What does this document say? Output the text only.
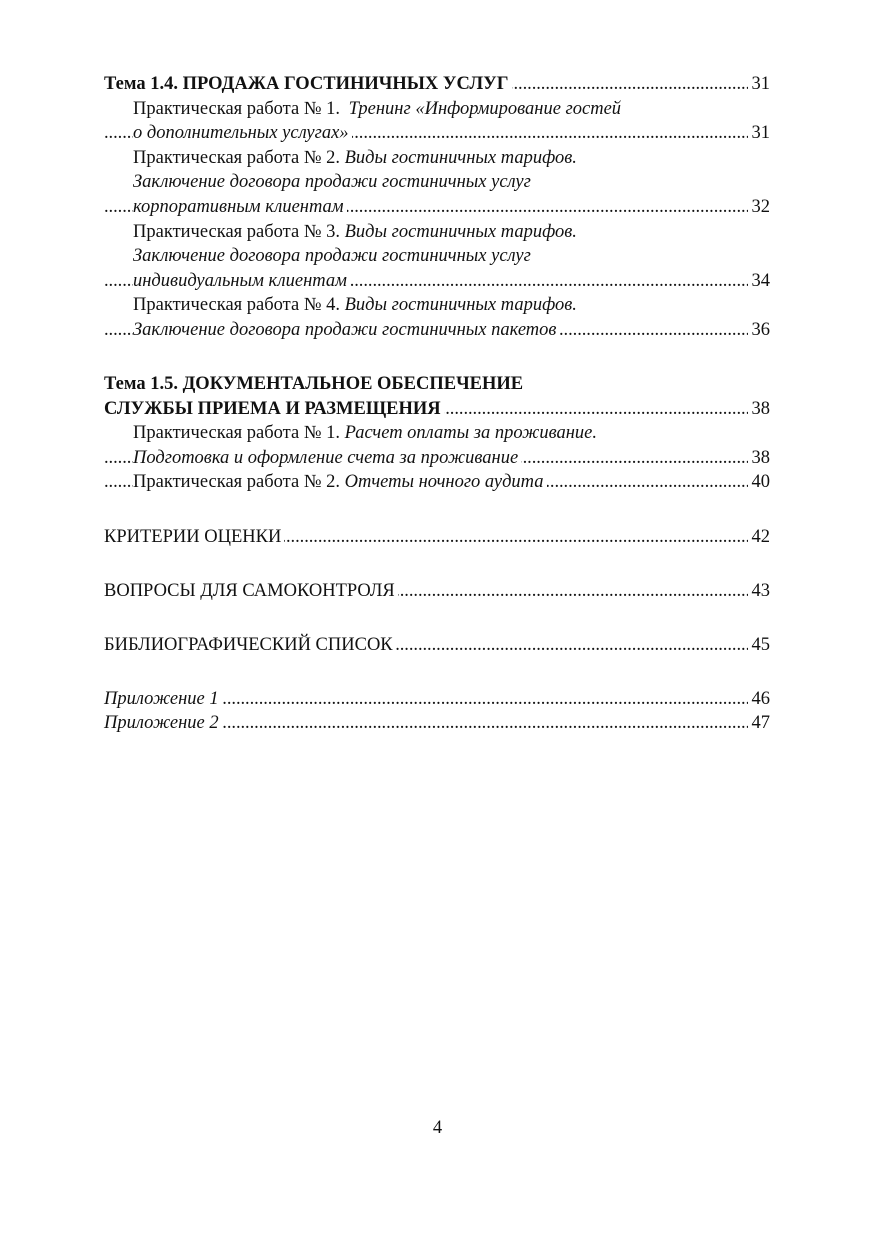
. . . Тема 1.4. ПРОДАЖА ГОСТИНИЧНЫХ УСЛУГ	31
Практическая работа № 1. Тренинг «Информирование гостей
. . . о дополнительных услугах»	31
Практическая работа № 2. Виды гостиничных тарифов.
Заключение договора продажи гостиничных услуг
. . . корпоративным клиентам	32
Практическая работа № 3. Виды гостиничных тарифов.
Заключение договора продажи гостиничных услуг
. . . индивидуальным клиентам	34
Практическая работа № 4. Виды гостиничных тарифов.
. . . Заключение договора продажи гостиничных пакетов	36
Тема 1.5. ДОКУМЕНТАЛЬНОЕ ОБЕСПЕЧЕНИЕ
. . . СЛУЖБЫ ПРИЕМА И РАЗМЕЩЕНИЯ	38
Практическая работа № 1. Расчет оплаты за проживание.
. . . Подготовка и оформление счета за проживание	38
. . . Практическая работа № 2. Отчеты ночного аудита	40
. . . КРИТЕРИИ ОЦЕНКИ	42
. . . ВОПРОСЫ ДЛЯ САМОКОНТРОЛЯ	43
. . . БИБЛИОГРАФИЧЕСКИЙ СПИСОК	45
. . . Приложение 1	46
. . . Приложение 2	47
4
